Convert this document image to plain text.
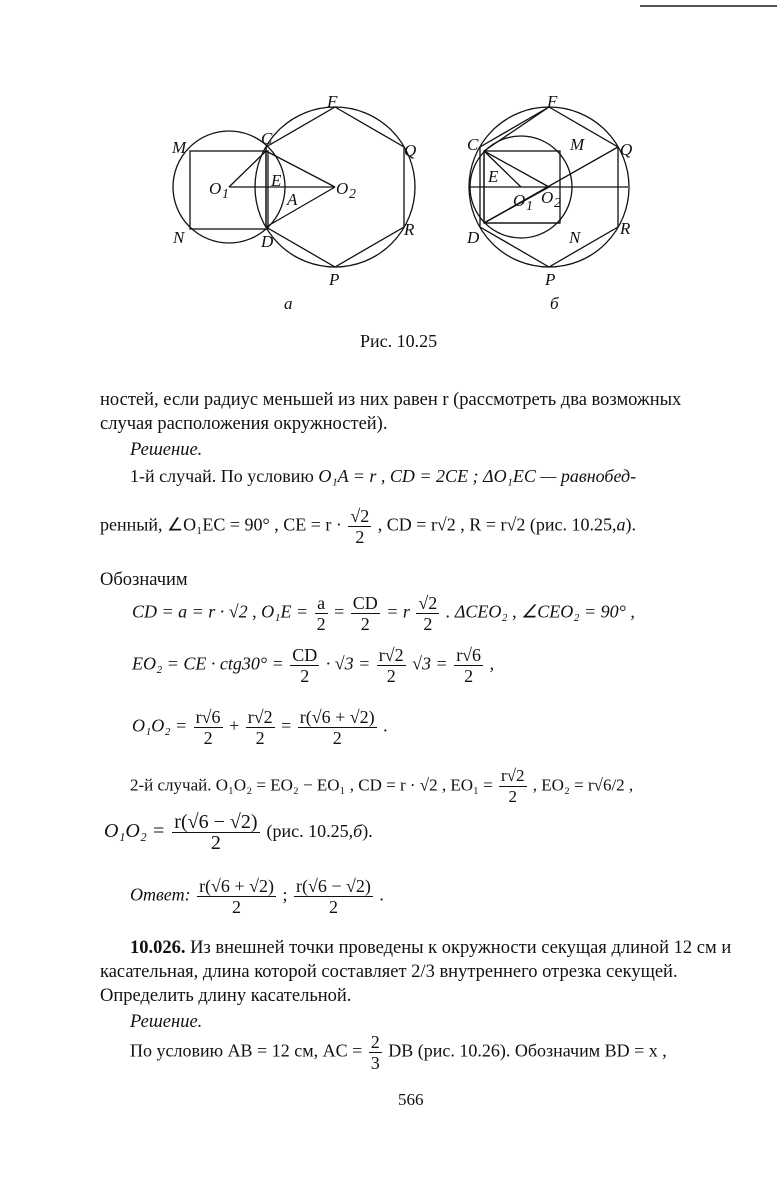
F
M	C
Q
O 1
E
A
O 2
N	D
R
P
а
F
C	M Q
E
O 1 O 2
D	N R
P
б
Рис. 10.25
ностей, если радиус меньшей из них равен r (рассмотреть два возможных случая расположения окружностей).
Решение.
1-й случай. По условию O₁A = r , CD = 2CE ; ΔO₁EC — равнобед-
ренный, ∠O₁EC = 90° , CE = $r \cdot \frac{√2}{2}$ , CD = r√2 , R = r√2 (рис. 10.25,а).
Обозначим
CD = a = r · √2 , $O_1E = \frac{a}{2} = \frac{CD}{2} = r \frac{√2}{2}$ . ΔCEO₂ , ∠CEO₂ = 90° ,
EO₂ = CE · $ctg30^\circ = \frac{CD}{2} \cdot √3 = \frac{r√2}{2} √3 = \frac{r√6}{2}$ ,
$O_1O_2 = \frac{r√6}{2} + \frac{r√2}{2} = \frac{r(√6 + √2)}{2}$ .
2-й случай. O₁O₂ = EO₂ − EO₁ , CD = r · √2 , $EO_1 = \frac{r√2}{2}$ , EO₂ = r√6/2 ,
$O_1O_2 = \frac{r(√6 - √2)}{2} (рис$. 10.25,б).
Ответ: $\frac{r(√6 + √2)}{2}$ ; $\frac{r(√6 - √2)}{2}$ .
10.026. Из внешней точки проведены к окружности секущая длиной 12 см и касательная, длина которой составляет 2/3 внутреннего отрезка секущей. Определить длину касательной.
Решение.
По условию AB = 12 см, AC = $\frac{2}{3}$ DB (рис. 10.26). Обозначим BD = x ,
566
